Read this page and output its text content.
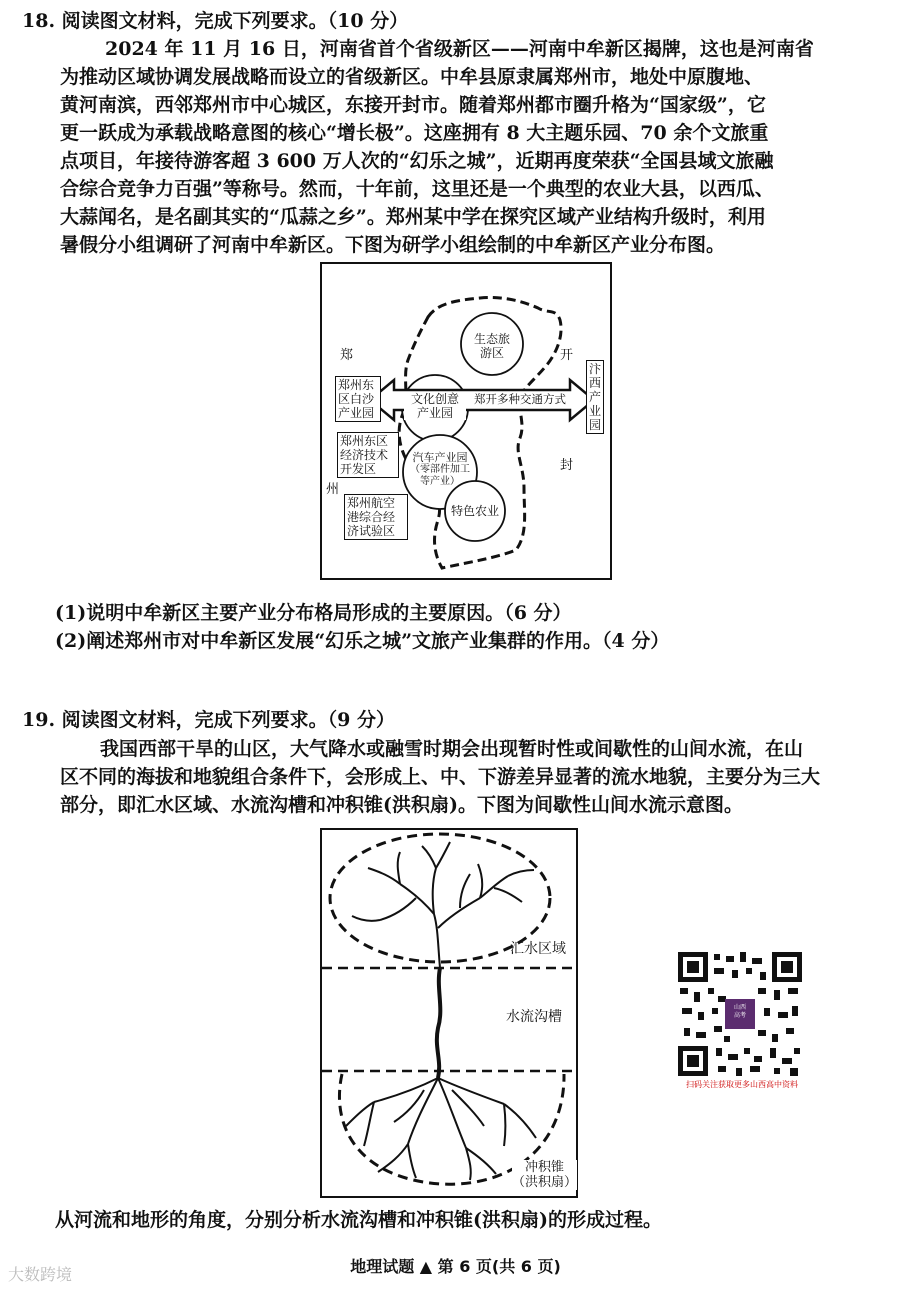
18. 阅读图文材料，完成下列要求。（10 分）
2024 年 11 月 16 日，河南省首个省级新区——河南中牟新区揭牌，这也是河南省
为推动区域协调发展战略而设立的省级新区。中牟县原隶属郑州市，地处中原腹地、
黄河南滨，西邻郑州市中心城区，东接开封市。随着郑州都市圈升格为“国家级”，它
更一跃成为承载战略意图的核心“增长极”。这座拥有 8 大主题乐园、70 余个文旅重
点项目，年接待游客超 3 600 万人次的“幻乐之城”，近期再度荣获“全国县域文旅融
合综合竞争力百强”等称号。然而，十年前，这里还是一个典型的农业大县，以西瓜、
大蒜闻名，是名副其实的“瓜蒜之乡”。郑州某中学在探究区域产业结构升级时，利用
暑假分小组调研了河南中牟新区。下图为研学小组绘制的中牟新区产业分布图。
郑
州
开
封
郑州东
区白沙
产业园
郑州东区
经济技术
开发区
郑州航空
港综合经
济试验区
汴
西
产
业
园
生态旅
游区
文化创意
产业园
汽车产业园
（零部件加工
等产业）
特色农业
郑开多种交通方式
(1)说明中牟新区主要产业分布格局形成的主要原因。（6 分）
(2)阐述郑州市对中牟新区发展“幻乐之城”文旅产业集群的作用。（4 分）
19. 阅读图文材料，完成下列要求。（9 分）
我国西部干旱的山区，大气降水或融雪时期会出现暂时性或间歇性的山间水流，在山
区不同的海拔和地貌组合条件下，会形成上、中、下游差异显著的流水地貌，主要分为三大
部分，即汇水区域、水流沟槽和冲积锥(洪积扇)。下图为间歇性山间水流示意图。
汇水区域
水流沟槽
冲积锥
（洪积扇）
山西
高考
扫码关注获取更多山西高中资料
从河流和地形的角度，分别分析水流沟槽和冲积锥(洪积扇)的形成过程。
地理试题 ▲ 第 6 页(共 6 页)
大数跨境
